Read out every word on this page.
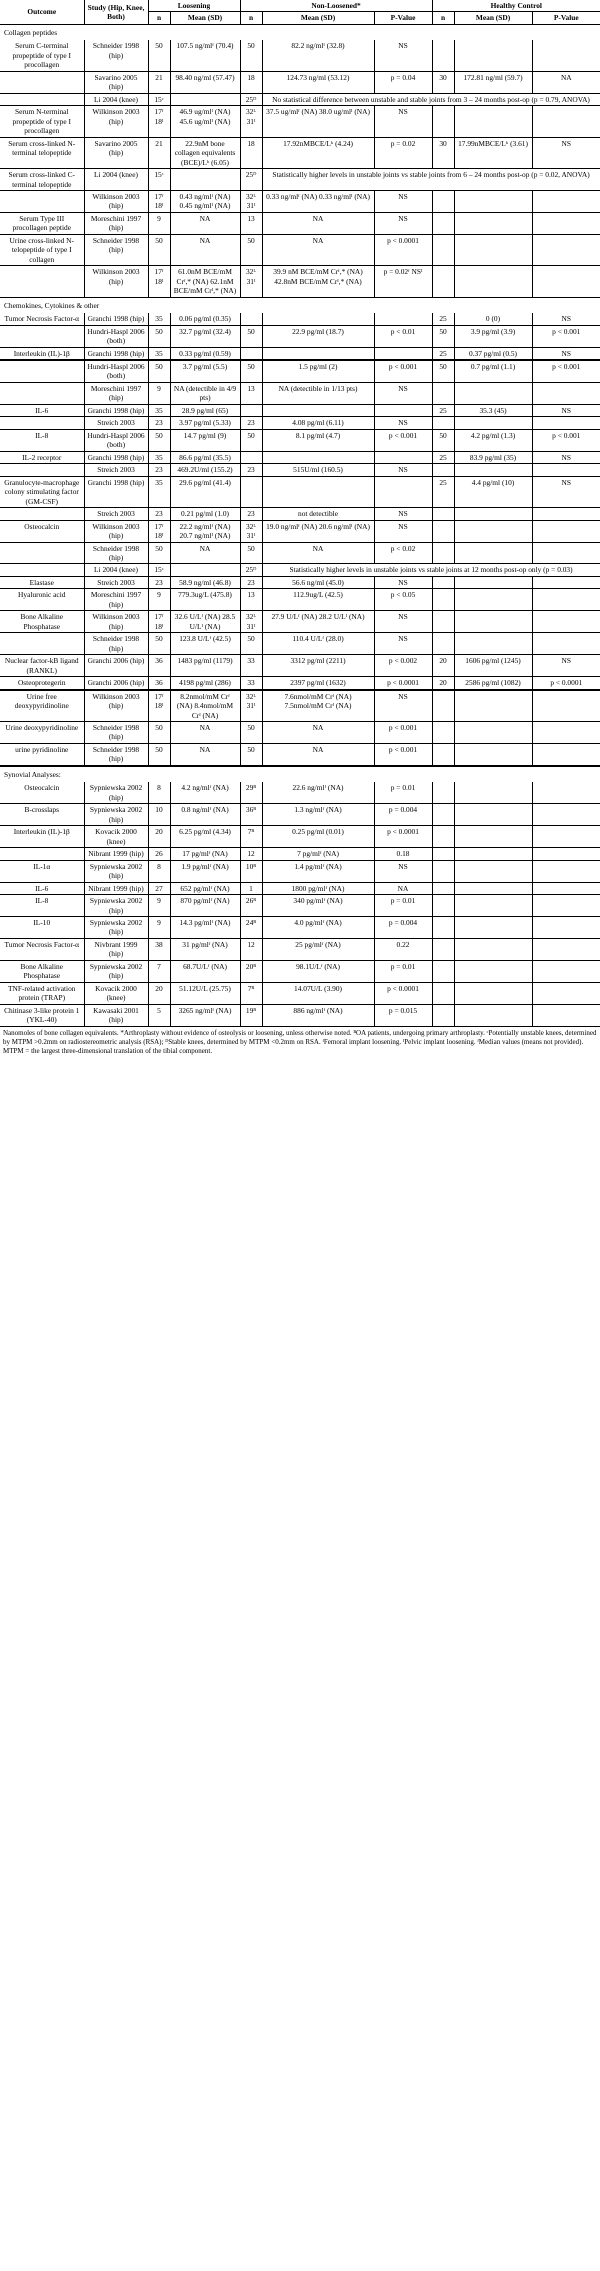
Outcome	Study (Hip, Knee, Both)	Loosening		Non-Loosened*			Healthy Control		
		n	Mean (SD)	n	Mean (SD)	P-Value	n	Mean (SD)	P-Value
Collagen peptides									
Serum C-terminal propeptide of type I procollagen	Schneider 1998 (hip)	50	107.5 ng/mlᶠ (70.4)	50	82.2 ng/mlᶠ (32.8)	NS			
	Savarino 2005 (hip)	21	98.40 ng/ml (57.47)	18	124.73 ng/ml (53.12)	p = 0.04	30	172.81 ng/ml (59.7)	NA
	Li 2004 (knee)	15ᶜ		25ᴰ	No statistical difference between unstable and stable joints from 3 – 24 months post-op (p = 0.79, ANOVA)				
Serum N-terminal propeptide of type I procollagen	Wilkinson 2003 (hip)	17ᶠ 18ᴵ	46.9 ug/mlᶠ (NA) 45.6 ug/mlᴵ (NA)	32ᴸ 31ᴵ	37.5 ug/mlᶠ (NA) 38.0 ug/mlᴵ (NA)	NS			
Serum cross-linked N-terminal telopeptide	Savarino 2005 (hip)	21	22.9nM bone collagen equivalents (BCE)/Lᵏ (6.05)	18	17.92nMBCE/Lᵏ (4.24)	p = 0.02	30	17.99nMBCE/Lᵏ (3.61)	NS
Serum cross-linked C-terminal telopeptide	Li 2004 (knee)	15ᶜ		25ᴰ	Statistically higher levels in unstable joints vs stable joints from 6 – 24 months post-op (p = 0.02, ANOVA)				
	Wilkinson 2003 (hip)	17ᶠ 18ᴵ	0.43 ng/mlᶠ (NA) 0.45 ng/mlᴵ (NA)	32ᴸ 31ᴵ	0.33 ng/mlᶠ (NA) 0.33 ng/mlᴵ (NA)	NS			
Serum Type III procollagen peptide	Moreschini 1997 (hip)	9	NA	13	NA	NS			
Urine cross-linked N-telopeptide of type I collagen	Schneider 1998 (hip)	50	NA	50	NA	p < 0.0001			
	Wilkinson 2003 (hip)	17ᶠ 18ᴵ	61.0nM BCE/mM Crᶠ,* (NA) 62.1nM BCE/mM Crᴵ,* (NA)	32ᴸ 31ᴵ	39.9 nM BCE/mM Crᶠ,* (NA) 42.8nM BCE/mM Crᴵ,* (NA)	p = 0.02ᶠ NSᴵ			
Chemokines, Cytokines & other									
Tumor Necrosis Factor-α	Granchi 1998 (hip)	35	0.06 pg/ml (0.35)				25	0 (0)	NS
	Hundri-Haspl 2006 (both)	50	32.7 pg/ml (32.4)	50	22.9 pg/ml (18.7)	p < 0.01	50	3.9 pg/ml (3.9)	p < 0.001
Interleukin (IL)-1β	Granchi 1998 (hip)	35	0.33 pg/ml (0.59)				25	0.37 pg/ml (0.5)	NS
	Hundri-Haspl 2006 (both)	50	3.7 pg/ml (5.5)	50	1.5 pg/ml (2)	p < 0.001	50	0.7 pg/ml (1.1)	p < 0.001
	Moreschini 1997 (hip)	9	NA (detectible in 4/9 pts)	13	NA (detectible in 1/13 pts)	NS			
IL-6	Granchi 1998 (hip)	35	28.9 pg/ml (65)				25	35.3 (45)	NS
	Streich 2003	23	3.97 pg/ml (5.33)	23	4.08 pg/ml (6.11)	NS			
IL-8	Hundri-Haspl 2006 (both)	50	14.7 pg/ml (9)	50	8.1 pg/ml (4.7)	p < 0.001	50	4.2 pg/ml (1.3)	p < 0.001
IL-2 receptor	Granchi 1998 (hip)	35	86.6 pg/ml (35.5)				25	83.9 pg/ml (35)	NS
	Streich 2003	23	469.2U/ml (155.2)	23	515U/ml (160.5)	NS			
Granulocyte-macrophage colony stimulating factor (GM-CSF)	Granchi 1998 (hip)	35	29.6 pg/ml (41.4)				25	4.4 pg/ml (10)	NS
	Streich 2003	23	0.21 pg/ml (1.0)	23	not detectible	NS			
Osteocalcin	Wilkinson 2003 (hip)	17ᶠ 18ᴵ	22.2 ng/mlᶠ (NA) 20.7 ng/mlᴵ (NA)	32ᴸ 31ᴵ	19.0 ng/mlᶠ (NA) 20.6 ng/mlᴵ (NA)	NS			
	Schneider 1998 (hip)	50	NA	50	NA	p < 0.02			
	Li 2004 (knee)	15ᶜ		25ᴰ	Statistically higher levels in unstable joints vs stable joints at 12 months post-op only (p = 0.03)				
Elastase	Streich 2003	23	58.9 ng/ml (46.8)	23	56.6 ng/ml (45.0)	NS			
Hyaluronic acid	Moreschini 1997 (hip)	9	779.3ug/L (475.8)	13	112.9ug/L (42.5)	p < 0.05			
Bone Alkaline Phosphatase	Wilkinson 2003 (hip)	17ᶠ 18ᴵ	32.6 U/Lᶠ (NA) 28.5 U/Lᴵ (NA)	32ᴸ 31ᴵ	27.9 U/Lᶠ (NA) 28.2 U/Lᴵ (NA)	NS			
	Schneider 1998 (hip)	50	123.8 U/Lᶠ (42.5)	50	110.4 U/Lᶠ (28.0)	NS			
Nuclear factor-kB ligand (RANKL)	Granchi 2006 (hip)	36	1483 pg/ml (1179)	33	3312 pg/ml (2211)	p < 0.002	20	1606 pg/ml (1245)	NS
Osteoprotegerin	Granchi 2006 (hip)	36	4198 pg/ml (286)	33	2397 pg/ml (1632)	p < 0.0001	20	2586 pg/ml (1082)	p < 0.0001
Urine free deoxypyridinoline	Wilkinson 2003 (hip)	17ᶠ 18ᴵ	8.2nmol/mM Crᶠ (NA) 8.4nmol/mM Crᴵ (NA)	32ᴸ 31ᴵ	7.6nmol/mM Crᶠ (NA) 7.5nmol/mM Crᴵ (NA)	NS			
Urine deoxypyridinoline	Schneider 1998 (hip)	50	NA	50	NA	p < 0.001			
urine pyridinoline	Schneider 1998 (hip)	50	NA	50	NA	p < 0.001			
Synovial Analyses:									
Osteocalcin	Sypniewska 2002 (hip)	8	4.2 ng/mlᶠ (NA)	29ᴮ	22.6 ng/mlᶠ (NA)	p = 0.01			
B-crosslaps	Sypniewska 2002 (hip)	10	0.8 ng/mlᶠ (NA)	36ᴮ	1.3 ng/mlᶠ (NA)	p = 0.004			
Interleukin (IL)-1β	Kovacik 2000 (knee)	20	6.25 pg/ml (4.34)	7ᴮ	0.25 pg/ml (0.01)	p < 0.0001			
	Nibrant 1999 (hip)	26	17 pg/mlᶠ (NA)	12	7 pg/mlᶠ (NA)	0.18			
IL-1α	Sypniewska 2002 (hip)	8	1.9 pg/mlᶠ (NA)	10ᴮ	1.4 pg/mlᶠ (NA)	NS			
IL-6	Nibrant 1999 (hip)	27	652 pg/mlᶠ (NA)	1	1800 pg/mlᶠ (NA)	NA			
IL-8	Sypniewska 2002 (hip)	9	870 pg/mlᶠ (NA)	26ᴮ	340 pg/mlᶠ (NA)	p = 0.01			
IL-10	Sypniewska 2002 (hip)	9	14.3 pg/mlᶠ (NA)	24ᴮ	4.0 pg/mlᶠ (NA)	p = 0.004			
Tumor Necrosis Factor-α	Nivbrant 1999 (hip)	38	31 pg/mlᶠ (NA)	12	25 pg/mlᶠ (NA)	0.22			
Bone Alkaline Phosphatase	Sypniewska 2002 (hip)	7	68.7U/Lᶠ (NA)	20ᴮ	98.1U/Lᶠ (NA)	p = 0.01			
TNF-related activation protein (TRAP)	Kovacik 2000 (knee)	20	51.12U/L (25.75)	7ᴮ	14.07U/L (3.90)	p < 0.0001			
Chitinase 3-like protein 1 (YKL-40)	Kawasaki 2001 (hip)	5	3265 ng/mlᶠ (NA)	19ᴮ	886 ng/mlᶠ (NA)	p = 0.015			
Nanomoles of bone collagen equivalents. *Arthroplasty without evidence of osteolysis or loosening, unless otherwise noted. ᴮOA patients, undergoing primary arthroplasty. ᶜPotentially unstable knees, determined by MTPM >0.2mm on radiostereometric analysis (RSA); ᴰStable knees, determined by MTPM <0.2mm on RSA. ᶠFemoral implant loosening. ᴵPelvic implant loosening. ᶠMedian values (means not provided). MTPM = the largest three-dimensional translation of the tibial component.									
